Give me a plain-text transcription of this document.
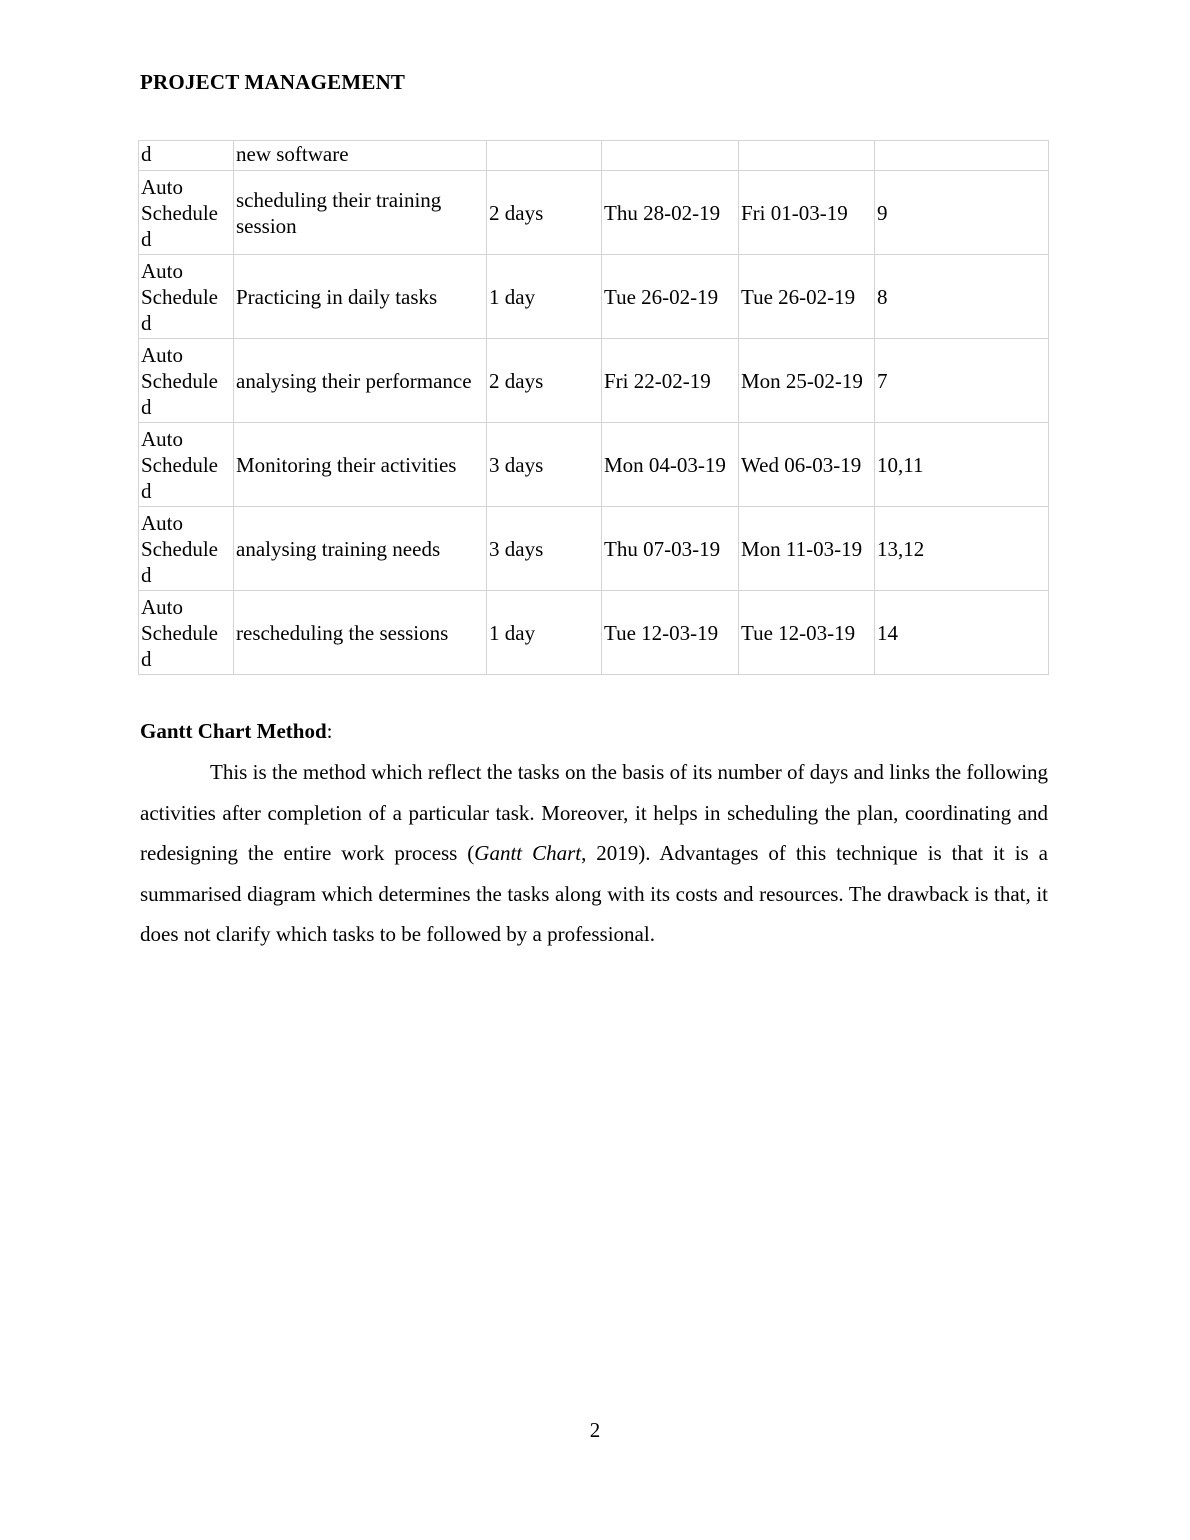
PROJECT MANAGEMENT
d	new software				
Auto Schedule d	scheduling their training session	2 days	Thu 28-02-19	Fri 01-03-19	9
Auto Schedule d	Practicing in daily tasks	1 day	Tue 26-02-19	Tue 26-02-19	8
Auto Schedule d	analysing their performance	2 days	Fri 22-02-19	Mon 25-02-19	7
Auto Schedule d	Monitoring their activities	3 days	Mon 04-03-19	Wed 06-03-19	10,11
Auto Schedule d	analysing training needs	3 days	Thu 07-03-19	Mon 11-03-19	13,12
Auto Schedule d	rescheduling the sessions	1 day	Tue 12-03-19	Tue 12-03-19	14
Gantt Chart Method:

This is the method which reflect the tasks on the basis of its number of days and links the following activities after completion of a particular task. Moreover, it helps in scheduling the plan, coordinating and redesigning the entire work process (Gantt Chart, 2019). Advantages of this technique is that it is a summarised diagram which determines the tasks along with its costs and resources. The drawback is that, it does not clarify which tasks to be followed by a professional.

2
